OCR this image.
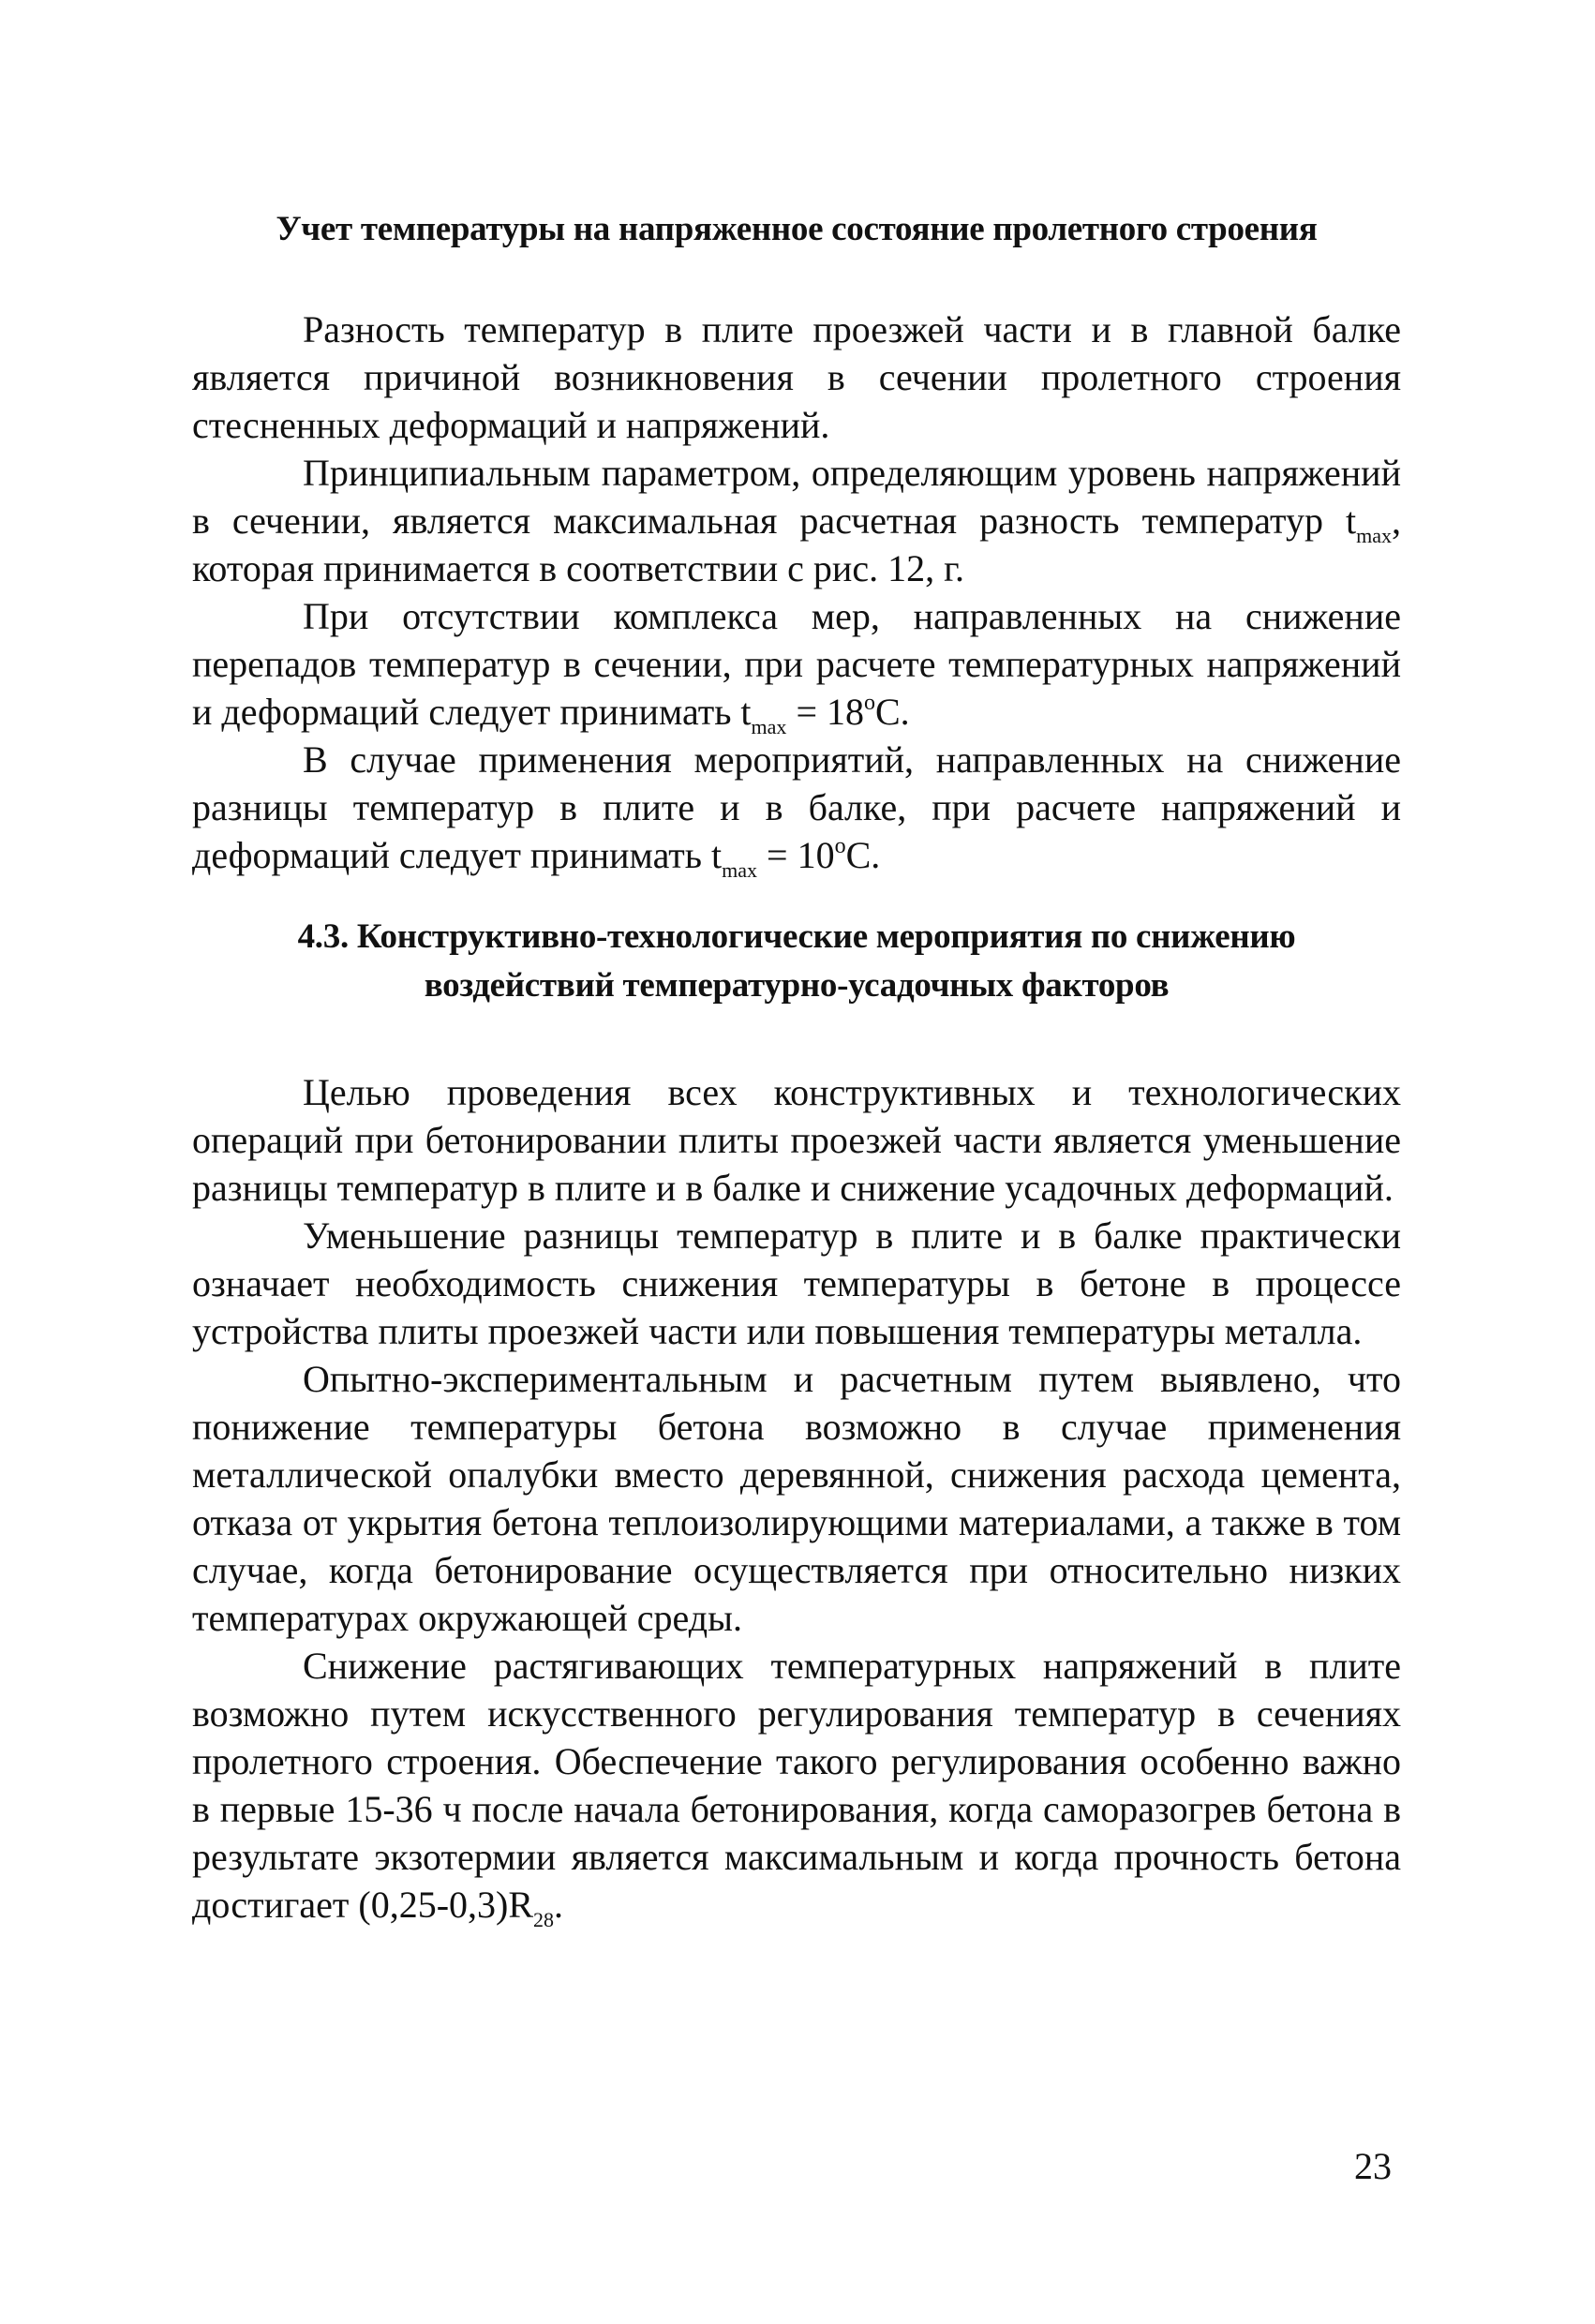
Учет температуры на напряженное состояние пролетного строения

Разность температур в плите проезжей части и в главной балке является причиной возникновения в сечении пролетного строения стесненных деформаций и напряжений.

Принципиальным параметром, определяющим уровень напряжений в сечении, является максимальная расчетная разность температур $t_{max}$, которая принимается в соответствии с рис. 12, г.

При отсутствии комплекса мер, направленных на снижение перепадов температур в сечении, при расчете температурных напряжений и деформаций следует принимать $t_{max} = 18^oС$.

В случае применения мероприятий, направленных на снижение разницы температур в плите и в балке, при расчете напряжений и деформаций следует принимать $t_{max} = 10^oС$.

4.3. Конструктивно-технологические мероприятия по снижению
воздействий температурно-усадочных факторов

Целью проведения всех конструктивных и технологических операций при бетонировании плиты проезжей части является уменьшение разницы температур в плите и в балке и снижение усадочных деформаций.

Уменьшение разницы температур в плите и в балке практически означает необходимость снижения температуры в бетоне в процессе устройства плиты проезжей части или повышения температуры металла.

Опытно-экспериментальным и расчетным путем выявлено, что понижение температуры бетона возможно в случае применения металлической опалубки вместо деревянной, снижения расхода цемента, отказа от укрытия бетона теплоизолирующими материалами, а также в том случае, когда бетонирование осуществляется при относительно низких температурах окружающей среды.

Снижение растягивающих температурных напряжений в плите возможно путем искусственного регулирования температур в сечениях пролетного строения. Обеспечение такого регулирования особенно важно в первые 15-36 ч после начала бетонирования, когда саморазогрев бетона в результате экзотермии является максимальным и когда прочность бетона достигает $(0,25-0,3)R_{28}$.

23
